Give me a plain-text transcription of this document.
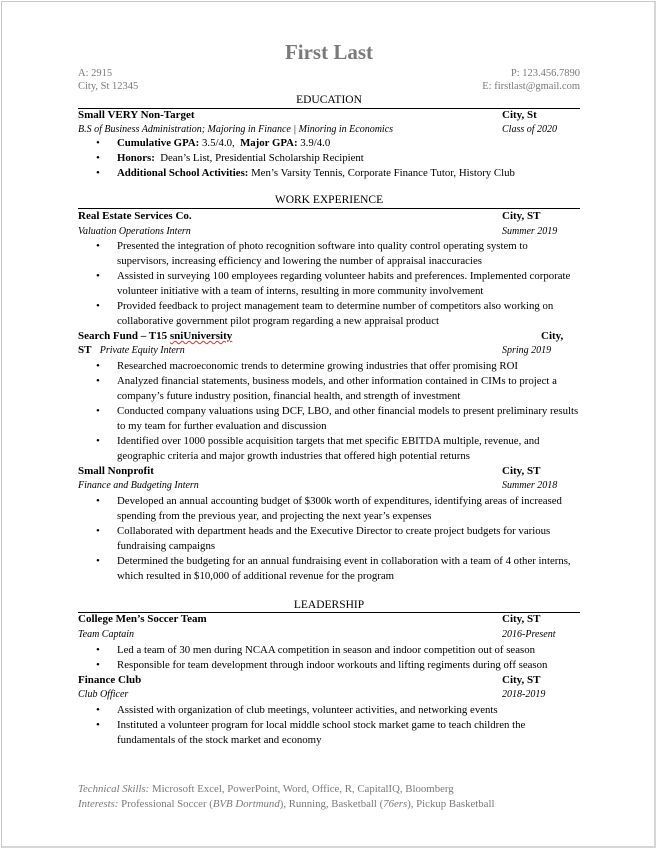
First Last
A: 2915
City, St 12345
P: 123.456.7890
E: firstlast@gmail.com
EDUCATION
Small VERY Non-Target	City, St
B.S of Business Administration; Majoring in Finance | Minoring in Economics	Class of 2020
• Cumulative GPA: 3.5/4.0,  Major GPA: 3.9/4.0
• Honors:  Dean’s List, Presidential Scholarship Recipient
• Additional School Activities: Men’s Varsity Tennis, Corporate Finance Tutor, History Club
WORK EXPERIENCE
Real Estate Services Co.	City, ST
Valuation Operations Intern	Summer 2019
• Presented the integration of photo recognition software into quality control operating system to supervisors, increasing efficiency and lowering the number of appraisal inaccuracies
• Assisted in surveying 100 employees regarding volunteer habits and preferences. Implemented corporate volunteer initiative with a team of interns, resulting in more community involvement
• Provided feedback to project management team to determine number of competitors also working on collaborative government pilot program regarding a new appraisal product
Search Fund – T15 sniUniversity	City,
ST Private Equity Intern	Spring 2019
• Researched macroeconomic trends to determine growing industries that offer promising ROI
• Analyzed financial statements, business models, and other information contained in CIMs to project a company’s future industry position, financial health, and strength of investment
• Conducted company valuations using DCF, LBO, and other financial models to present preliminary results to my team for further evaluation and discussion
• Identified over 1000 possible acquisition targets that met specific EBITDA multiple, revenue, and geographic criteria and major growth industries that offered high potential returns
Small Nonprofit	City, ST
Finance and Budgeting Intern	Summer 2018
• Developed an annual accounting budget of $300k worth of expenditures, identifying areas of increased spending from the previous year, and projecting the next year’s expenses
• Collaborated with department heads and the Executive Director to create project budgets for various fundraising campaigns
• Determined the budgeting for an annual fundraising event in collaboration with a team of 4 other interns, which resulted in $10,000 of additional revenue for the program
LEADERSHIP
College Men’s Soccer Team	City, ST
Team Captain	2016-Present
• Led a team of 30 men during NCAA competition in season and indoor competition out of season
• Responsible for team development through indoor workouts and lifting regiments during off season
Finance Club	City, ST
Club Officer	2018-2019
• Assisted with organization of club meetings, volunteer activities, and networking events
• Instituted a volunteer program for local middle school stock market game to teach children the fundamentals of the stock market and economy
Technical Skills: Microsoft Excel, PowerPoint, Word, Office, R, CapitalIQ, Bloomberg
Interests: Professional Soccer (BVB Dortmund), Running, Basketball (76ers), Pickup Basketball
